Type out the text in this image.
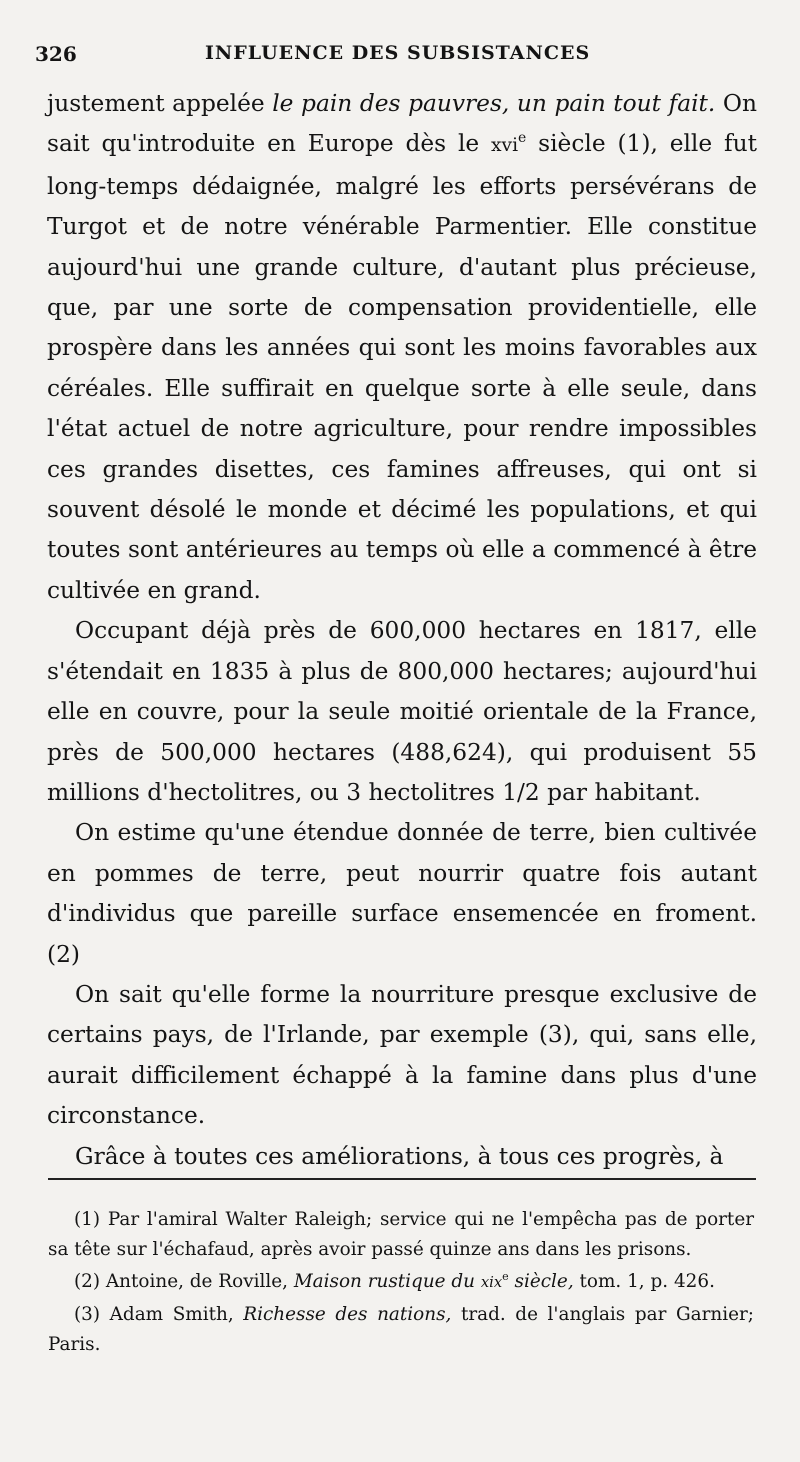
326	INFLUENCE DES SUBSISTANCES

justement appelée le pain des pauvres, un pain tout fait. On sait qu'introduite en Europe dès le xvi$^e$ siècle (1), elle fut long-temps dédaignée, malgré les efforts persévérans de Turgot et de notre vénérable Parmentier. Elle constitue aujourd'hui une grande culture, d'autant plus précieuse, que, par une sorte de compensation providentielle, elle prospère dans les années qui sont les moins favorables aux céréales. Elle suffirait en quelque sorte à elle seule, dans l'état actuel de notre agriculture, pour rendre impossibles ces grandes disettes, ces famines affreuses, qui ont si souvent désolé le monde et décimé les populations, et qui toutes sont antérieures au temps où elle a commencé à être cultivée en grand.

Occupant déjà près de 600,000 hectares en 1817, elle s'étendait en 1835 à plus de 800,000 hectares; aujourd'hui elle en couvre, pour la seule moitié orientale de la France, près de 500,000 hectares (488,624), qui produisent 55 millions d'hectolitres, ou 3 hectolitres 1/2 par habitant.

On estime qu'une étendue donnée de terre, bien cultivée en pommes de terre, peut nourrir quatre fois autant d'individus que pareille surface ensemencée en froment. (2)

On sait qu'elle forme la nourriture presque exclusive de certains pays, de l'Irlande, par exemple (3), qui, sans elle, aurait difficilement échappé à la famine dans plus d'une circonstance.

Grâce à toutes ces améliorations, à tous ces progrès, à

(1) Par l'amiral Walter Raleigh; service qui ne l'empêcha pas de porter sa tête sur l'échafaud, après avoir passé quinze ans dans les prisons.

(2) Antoine, de Roville, Maison rustique du xix$^e$ siècle, tom. 1, p. 426.

(3) Adam Smith, Richesse des nations, trad. de l'anglais par Garnier; Paris.
